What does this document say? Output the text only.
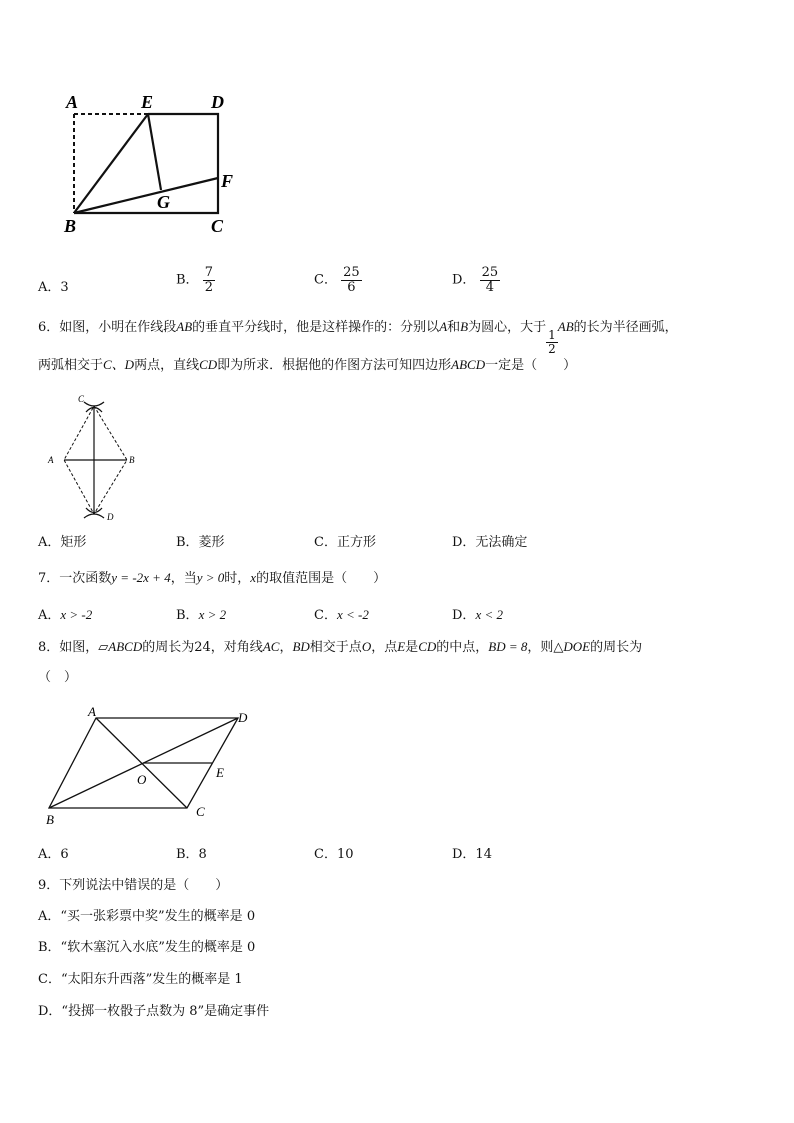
A	E	D
F
G
B	C
A．3	B． $\frac{7}{2}$	C． $\frac{25}{6}$	D． $\frac{25}{4}$
6．如图，小明在作线段AB的垂直平分线时，他是这样操作的：分别以A和B为圆心，大于
$\frac{1}{2}$
AB的长为半径画弧，
两弧相交于C、D两点，直线CD即为所求．根据他的作图方法可知四边形ABCD一定是（　　）
C
A	B
D
A．矩形	B．菱形	C．正方形	D．无法确定
7．一次函数y = -2x + 4，当y > 0时，x的取值范围是（　　）
A．x > -2	B．x > 2	C．x < -2	D．x < 2
8．如图，▱ABCD的周长为24，对角线AC，BD相交于点O，点E是CD的中点，BD = 8，则△DOE的周长为
（　）
A	D
O	E
B
C
A．6	B．8	C．10	D．14
9．下列说法中错误的是（　　）
A．“买一张彩票中奖”发生的概率是 0
B．“软木塞沉入水底”发生的概率是 0
C．“太阳东升西落”发生的概率是 1
D．“投掷一枚骰子点数为 8”是确定事件
